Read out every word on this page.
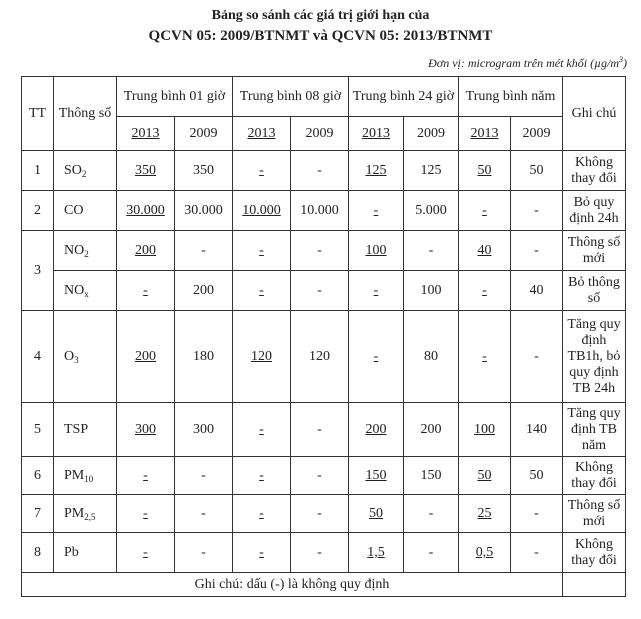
Bảng so sánh các giá trị giới hạn của
QCVN 05: 2009/BTNMT và QCVN 05: 2013/BTNMT
Đơn vị: microgram trên mét khối $(\mu g/m^3)$
TT	Thông số	Trung bình 01 giờ		Trung bình 08 giờ		Trung bình 24 giờ		Trung bình năm		Ghi chú
		2013	2009	2013	2009	2013	2009	2013	2009	
1	$SO_2$	350	350	-	-	125	125	50	50	Không thay đổi
2	CO	30.000	30.000	10.000	10.000	-	5.000	-	-	Bỏ quy định 24h
3	$NO_2$	200	-	-	-	100	-	40	-	Thông số mới
	$NO_x$	-	200	-	-	-	100	-	40	Bỏ thông số
4	$O_3$	200	180	120	120	-	80	-	-	Tăng quy định TB1h, bỏ quy định TB 24h
5	TSP	300	300	-	-	200	200	100	140	Tăng quy định TB năm
6	$PM_{10}$	-	-	-	-	150	150	50	50	Không thay đổi
7	$PM_{2,5}$	-	-	-	-	50	-	25	-	Thông số mới
8	Pb	-	-	-	-	1,5	-	0,5	-	Không thay đổi
Ghi chú: dấu (-) là không quy định										
